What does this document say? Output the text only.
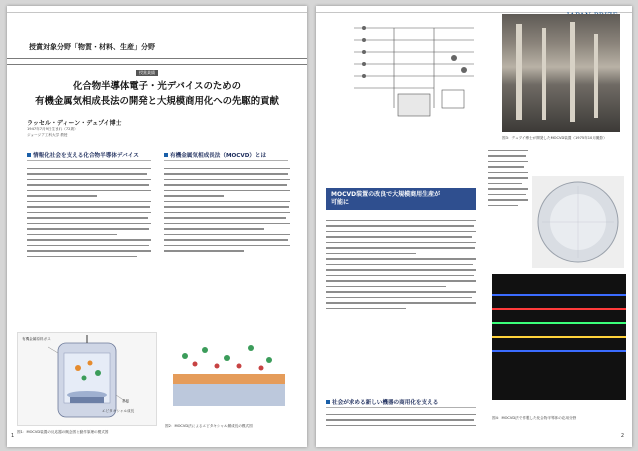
授賞対象分野「物質・材料、生産」分野
授賞業績
化合物半導体電子・光デバイスのための
有機金属気相成長法の開発と大規模商用化への先駆的貢献
ラッセル・ディーン・デュプイ博士
1947年7月9日生まれ（72歳）
ジョージア工科大学 教授
情報化社会を支える化合物半導体デバイス	有機金属気相成長法（MOCVD）とは
有機金属原料ガス
基板
エピタキシャル成長
図1：MOCVD装置の反応器の概念図と動作原理の模式図
図2：MOCVD法によるエピタキシャル層成長の模式図
1
図3：デュプイ博士が開発したMOCVD装置（1975年10月撮影）
MOCVD装置の改良で大規模商用生産が
可能に
社会が求める新しい機器の商用化を支える
図4：MOCVD法で作製した化合物半導体の応用分野
2
